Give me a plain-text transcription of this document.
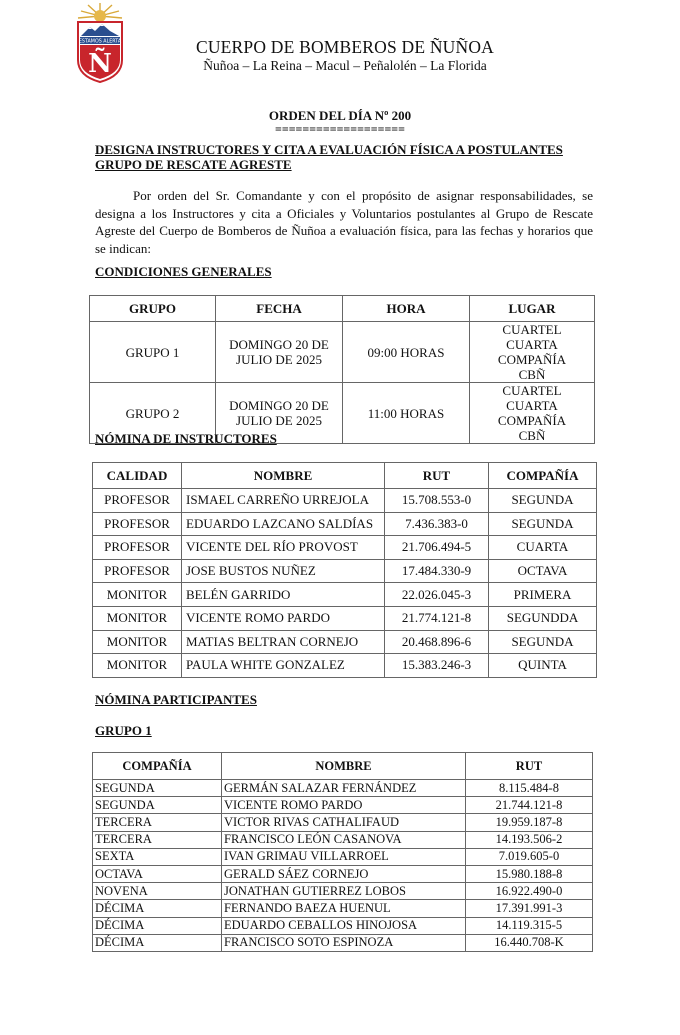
ESTAMOS ALERTA
Ñ
CUERPO DE BOMBEROS DE ÑUÑOA
Ñuñoa – La Reina – Macul – Peñalolén – La Florida
ORDEN DEL DÍA Nº 200
===================
DESIGNA INSTRUCTORES Y CITA A EVALUACIÓN FÍSICA A POSTULANTES GRUPO DE RESCATE AGRESTE
Por orden del Sr. Comandante y con el propósito de asignar responsabilidades, se designa a los Instructores y cita a Oficiales y Voluntarios postulantes al Grupo de Rescate Agreste del Cuerpo de Bomberos de Ñuñoa a evaluación física, para las fechas y horarios que se indican:
CONDICIONES GENERALES
GRUPO	FECHA	HORA	LUGAR
GRUPO 1	DOMINGO 20 DE JULIO DE 2025	09:00 HORAS	CUARTEL CUARTA COMPAÑÍA CBÑ
GRUPO 2	DOMINGO 20 DE JULIO DE 2025	11:00 HORAS	CUARTEL CUARTA COMPAÑÍA CBÑ
NÓMINA DE INSTRUCTORES
CALIDAD	NOMBRE	RUT	COMPAÑÍA
PROFESOR	ISMAEL CARREÑO URREJOLA	15.708.553-0	SEGUNDA
PROFESOR	EDUARDO LAZCANO SALDÍAS	7.436.383-0	SEGUNDA
PROFESOR	VICENTE DEL RÍO PROVOST	21.706.494-5	CUARTA
PROFESOR	JOSE BUSTOS NUÑEZ	17.484.330-9	OCTAVA
MONITOR	BELÉN GARRIDO	22.026.045-3	PRIMERA
MONITOR	VICENTE ROMO PARDO	21.774.121-8	SEGUNDDA
MONITOR	MATIAS BELTRAN CORNEJO	20.468.896-6	SEGUNDA
MONITOR	PAULA WHITE GONZALEZ	15.383.246-3	QUINTA
NÓMINA PARTICIPANTES
GRUPO 1
COMPAÑÍA	NOMBRE	RUT
SEGUNDA	GERMÁN SALAZAR FERNÁNDEZ	8.115.484-8
SEGUNDA	VICENTE ROMO PARDO	21.744.121-8
TERCERA	VICTOR RIVAS CATHALIFAUD	19.959.187-8
TERCERA	FRANCISCO LEÓN CASANOVA	14.193.506-2
SEXTA	IVAN GRIMAU VILLARROEL	7.019.605-0
OCTAVA	GERALD SÁEZ CORNEJO	15.980.188-8
NOVENA	JONATHAN GUTIERREZ LOBOS	16.922.490-0
DÉCIMA	FERNANDO BAEZA HUENUL	17.391.991-3
DÉCIMA	EDUARDO CEBALLOS HINOJOSA	14.119.315-5
DÉCIMA	FRANCISCO SOTO ESPINOZA	16.440.708-K
